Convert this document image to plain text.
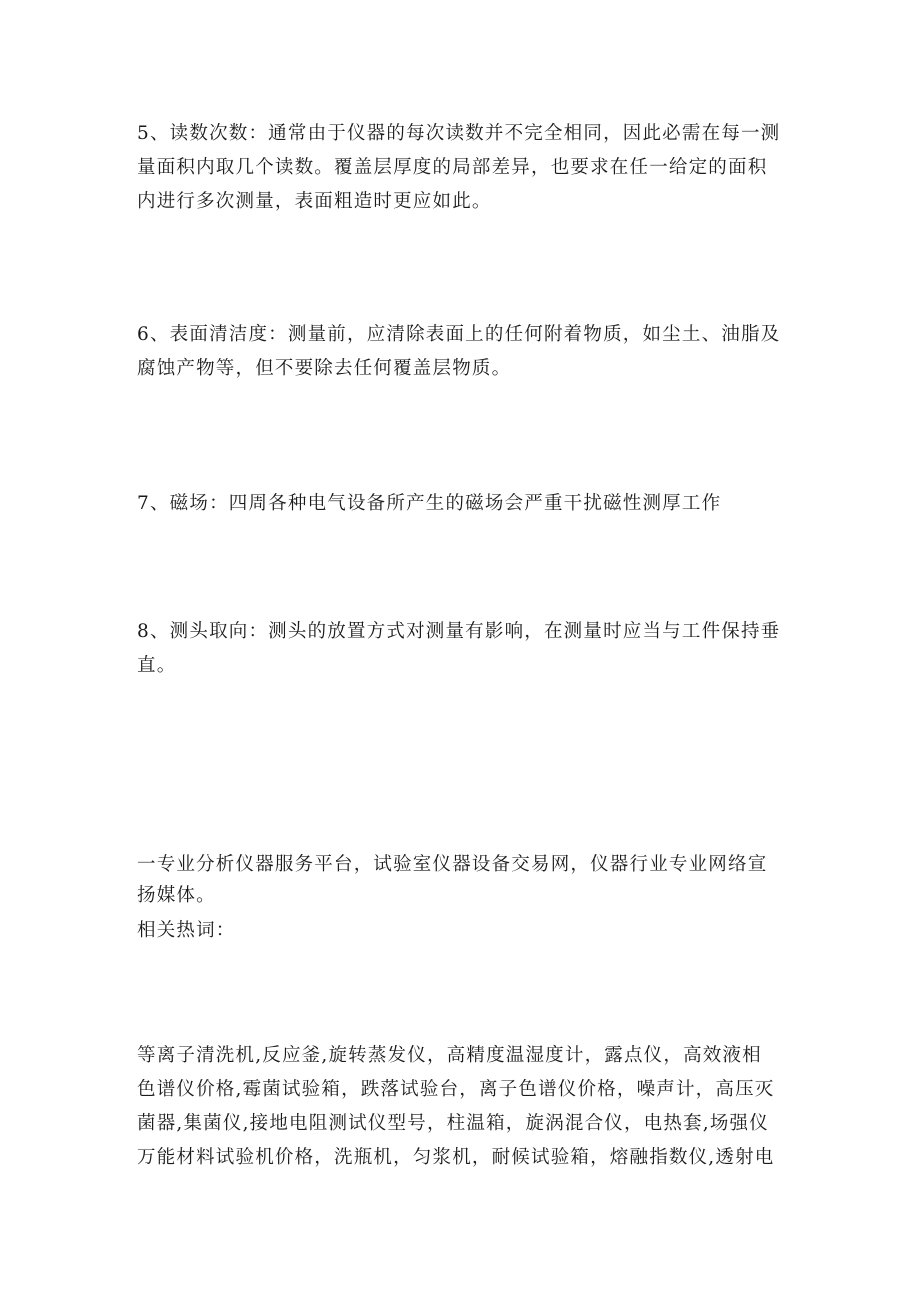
5、读数次数：通常由于仪器的每次读数并不完全相同，因此必需在每一测
量面积内取几个读数。覆盖层厚度的局部差异，也要求在任一给定的面积
内进行多次测量，表面粗造时更应如此。

6、表面清洁度：测量前，应清除表面上的任何附着物质，如尘土、油脂及
腐蚀产物等，但不要除去任何覆盖层物质。

7、磁场：四周各种电气设备所产生的磁场会严重干扰磁性测厚工作

8、测头取向：测头的放置方式对测量有影响，在测量时应当与工件保持垂
直。

一专业分析仪器服务平台，试验室仪器设备交易网，仪器行业专业网络宣
扬媒体。

相关热词：

等离子清洗机,反应釜,旋转蒸发仪，高精度温湿度计，露点仪，高效液相
色谱仪价格,霉菌试验箱，跌落试验台，离子色谱仪价格，噪声计，高压灭
菌器,集菌仪,接地电阻测试仪型号，柱温箱，旋涡混合仪，电热套,场强仪
万能材料试验机价格，洗瓶机，匀浆机，耐候试验箱，熔融指数仪,透射电
